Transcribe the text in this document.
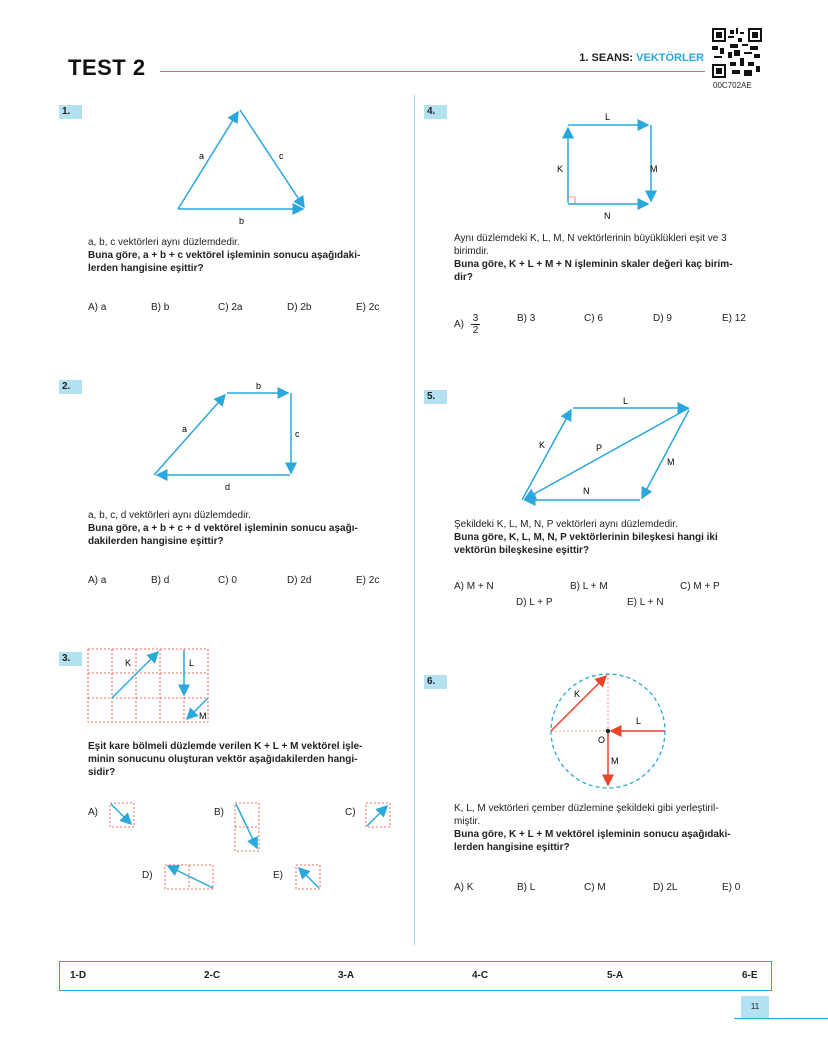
TEST 2	1. SEANS: VEKTÖRLER
00C702AE
1.
a	c
b
a, b, c vektörleri aynı düzlemdedir.
Buna göre, a + b + c vektörel işleminin sonucu aşağıdaki-
lerden hangisine eşittir?
A) a	B) b	C) 2a	D) 2b	E) 2c
2.
a
b
c
d
a, b, c, d vektörleri aynı düzlemdedir.
Buna göre, a + b + c + d vektörel işleminin sonucu aşağı-
dakilerden hangisine eşittir?
A) a	B) d	C) 0	D) 2d	E) 2c
3.	K	L
M
Eşit kare bölmeli düzlemde verilen K + L + M vektörel işle-
minin sonucunu oluşturan vektör aşağıdakilerden hangi-
sidir?
A)	B)	C)
D)	E)
4.	L
K	M
N
Aynı düzlemdeki K, L, M, N vektörlerinin büyüklükleri eşit ve 3
birimdir.
Buna göre, K + L + M + N işleminin skaler değeri kaç birim-
dir?
$A) \frac{3}{2}$	B) 3	C) 6	D) 9	E) 12
5.	L
K	P
M
N
Şekildeki K, L, M, N, P vektörleri aynı düzlemdedir.
Buna göre, K, L, M, N, P vektörlerinin bileşkesi hangi iki
vektörün bileşkesine eşittir?
A) M + N	B) L + M	C) M + P
D) L + P	E) L + N
6.
K
L
O
M
K, L, M vektörleri çember düzlemine şekildeki gibi yerleştiril-
miştir.
Buna göre, K + L + M vektörel işleminin sonucu aşağıdaki-
lerden hangisine eşittir?
A) K	B) L	C) M	D) 2L	E) 0
1-D	2-C	3-A	4-C	5-A	6-E
11
